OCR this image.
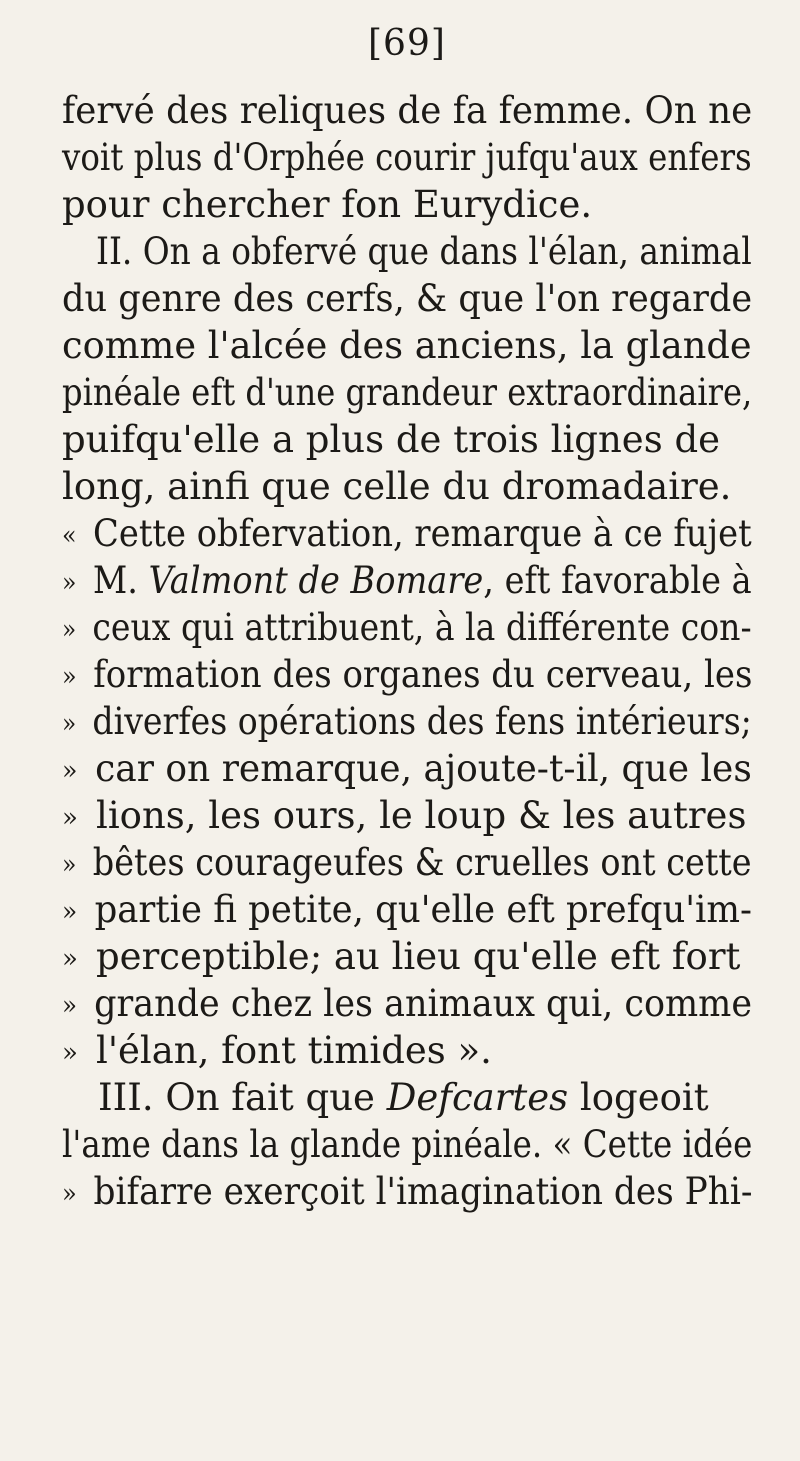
[69]
fervé des reliques de fa femme. On ne
voit plus d'Orphée courir jufqu'aux enfers
pour chercher fon Eurydice.
II. On a obfervé que dans l'élan, animal
du genre des cerfs, & que l'on regarde
comme l'alcée des anciens, la glande
pinéale eft d'une grandeur extraordinaire,
puifqu'elle a plus de trois lignes de
long, ainfi que celle du dromadaire.
« Cette obfervation, remarque à ce fujet
» M. Valmont de Bomare, eft favorable à
» ceux qui attribuent, à la différente con-
» formation des organes du cerveau, les
» diverfes opérations des fens intérieurs;
» car on remarque, ajoute-t-il, que les
» lions, les ours, le loup & les autres
» bêtes courageufes & cruelles ont cette
» partie fi petite, qu'elle eft prefqu'im-
» perceptible; au lieu qu'elle eft fort
» grande chez les animaux qui, comme
» l'élan, font timides ».
III. On fait que Defcartes logeoit
l'ame dans la glande pinéale. « Cette idée
» bifarre exerçoit l'imagination des Phi-
